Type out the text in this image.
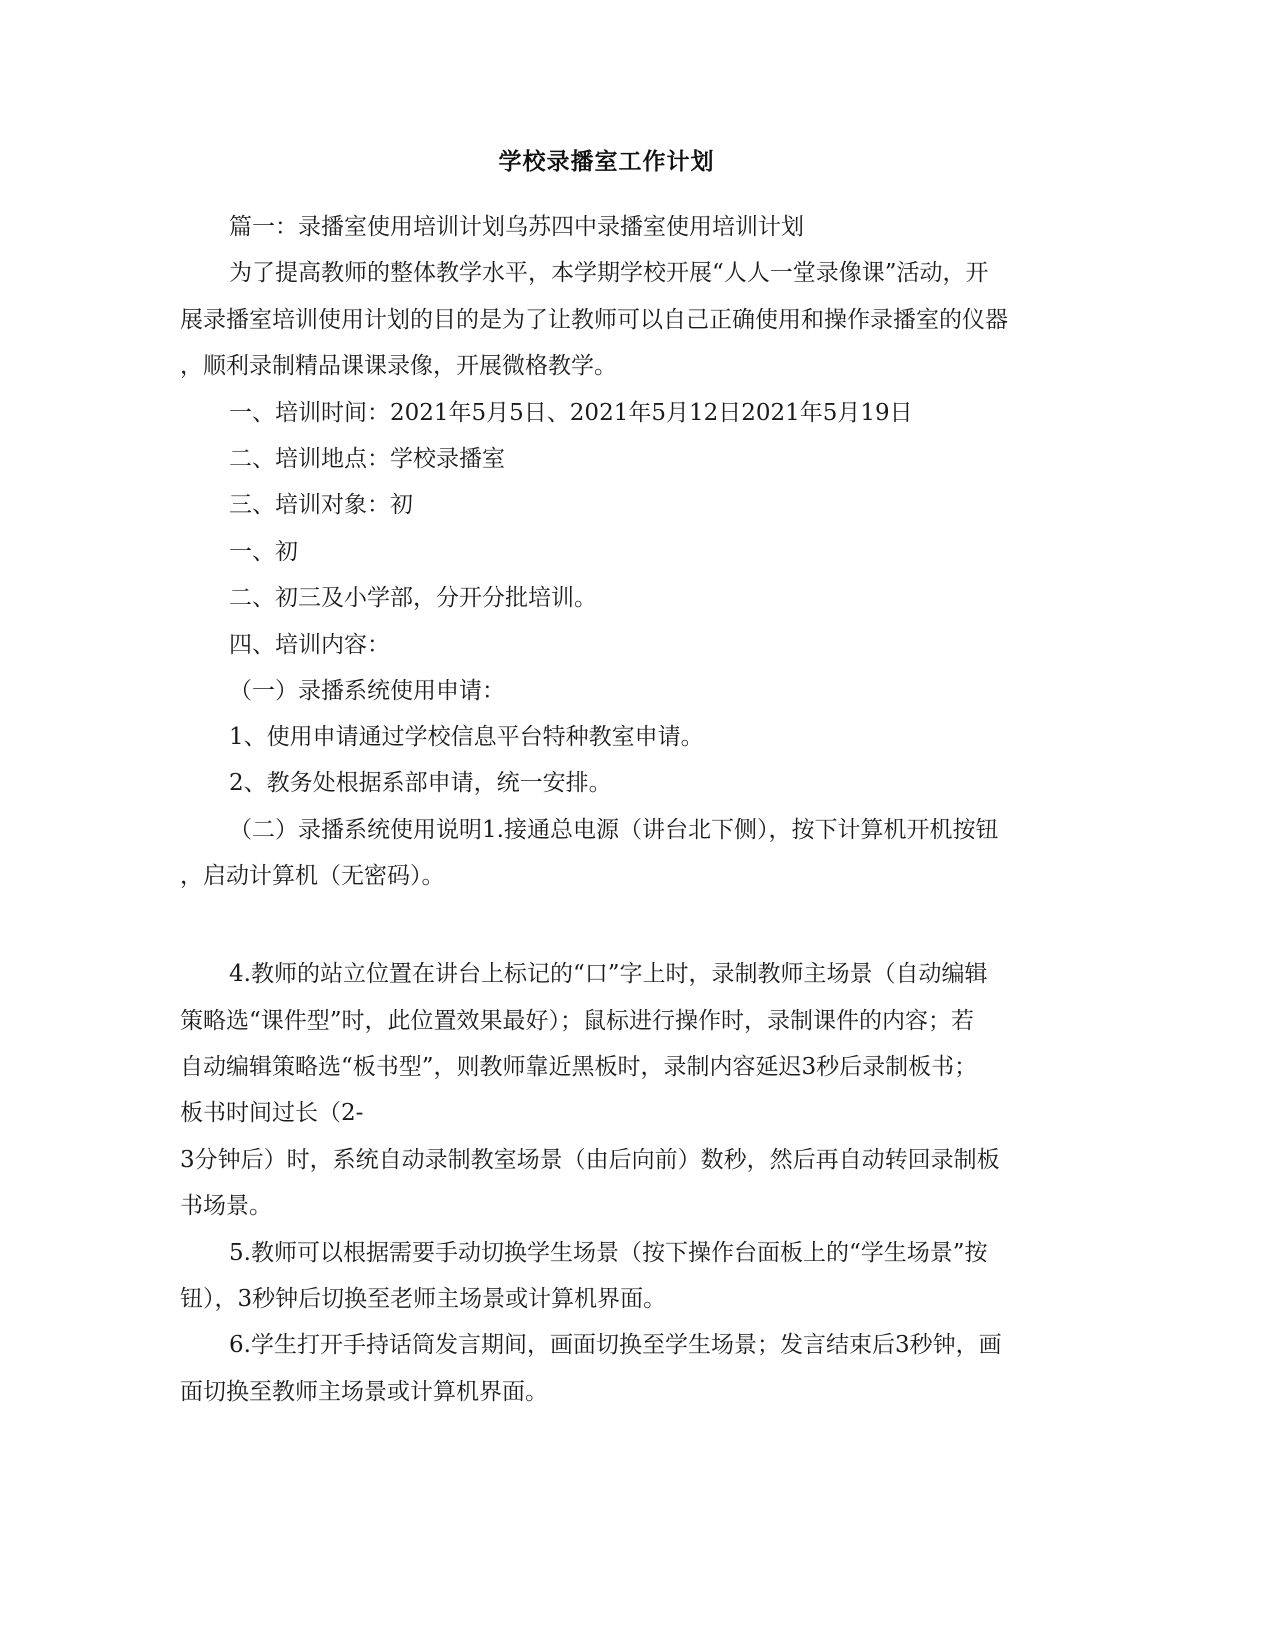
学校录播室工作计划
篇一：录播室使用培训计划乌苏四中录播室使用培训计划
为了提高教师的整体教学水平，本学期学校开展“人人一堂录像课”活动，开
展录播室培训使用计划的目的是为了让教师可以自己正确使用和操作录播室的仪器
，顺利录制精品课课录像，开展微格教学。
一、培训时间：2021年5月5日、2021年5月12日2021年5月19日
二、培训地点：学校录播室
三、培训对象：初
一、初
二、初三及小学部，分开分批培训。
四、培训内容：
（一）录播系统使用申请：
1、使用申请通过学校信息平台特种教室申请。
2、教务处根据系部申请，统一安排。
（二）录播系统使用说明1.接通总电源（讲台北下侧），按下计算机开机按钮
，启动计算机（无密码）。
4.教师的站立位置在讲台上标记的“口”字上时，录制教师主场景（自动编辑
策略选“课件型”时，此位置效果最好）；鼠标进行操作时，录制课件的内容；若
自动编辑策略选“板书型”，则教师靠近黑板时，录制内容延迟3秒后录制板书；
板书时间过长（2-
3分钟后）时，系统自动录制教室场景（由后向前）数秒，然后再自动转回录制板
书场景。
5.教师可以根据需要手动切换学生场景（按下操作台面板上的“学生场景”按
钮），3秒钟后切换至老师主场景或计算机界面。
6.学生打开手持话筒发言期间，画面切换至学生场景；发言结束后3秒钟，画
面切换至教师主场景或计算机界面。
